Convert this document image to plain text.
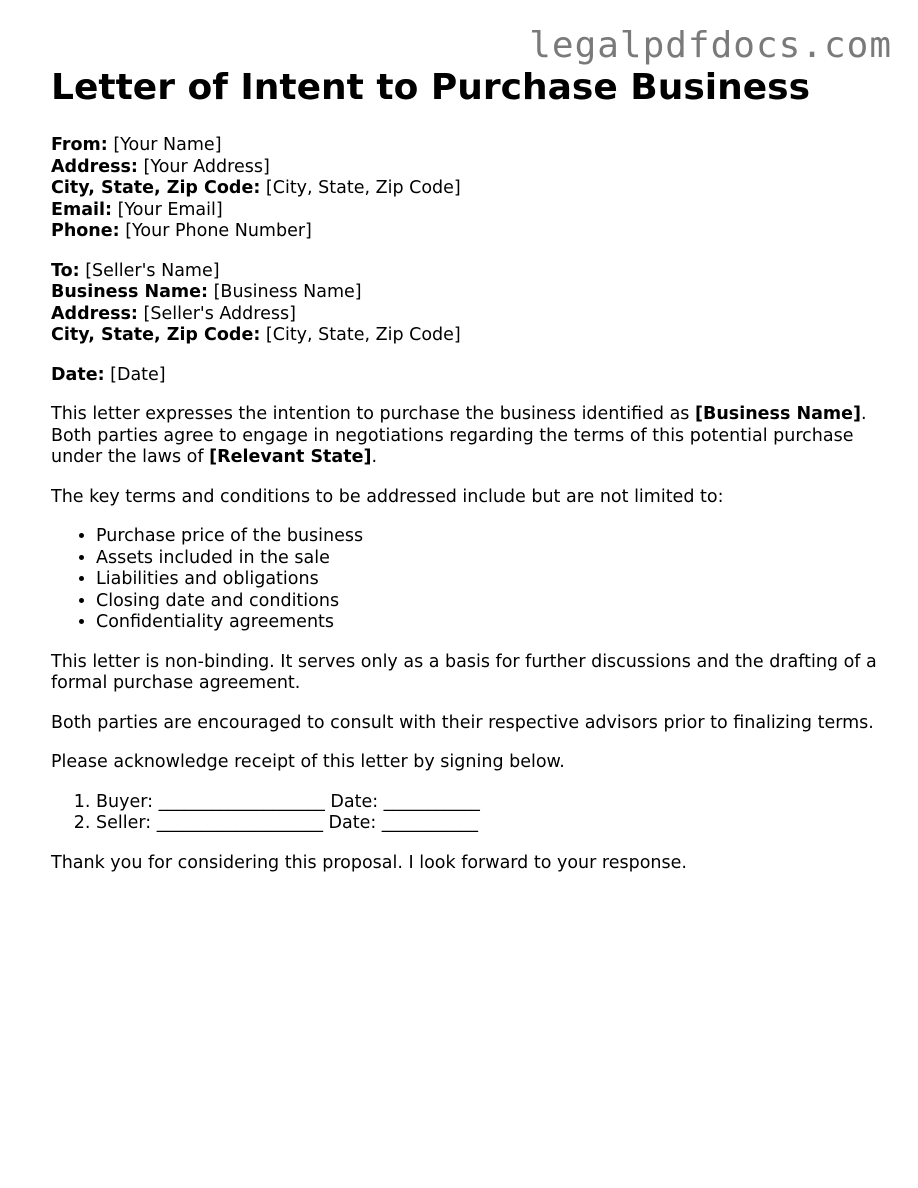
legalpdfdocs.com
Letter of Intent to Purchase Business
From: [Your Name]
Address: [Your Address]
City, State, Zip Code: [City, State, Zip Code]
Email: [Your Email]
Phone: [Your Phone Number]
To: [Seller's Name]
Business Name: [Business Name]
Address: [Seller's Address]
City, State, Zip Code: [City, State, Zip Code]
Date: [Date]

This letter expresses the intention to purchase the business identified as [Business Name]. Both parties agree to engage in negotiations regarding the terms of this potential purchase under the laws of [Relevant State].

The key terms and conditions to be addressed include but are not limited to:

• Purchase price of the business
• Assets included in the sale
• Liabilities and obligations
• Closing date and conditions
• Confidentiality agreements

This letter is non-binding. It serves only as a basis for further discussions and the drafting of a formal purchase agreement.

Both parties are encouraged to consult with their respective advisors prior to finalizing terms.

Please acknowledge receipt of this letter by signing below.

1. Buyer: ___________________ Date: ___________
2. Seller: ___________________ Date: ___________

Thank you for considering this proposal. I look forward to your response.
